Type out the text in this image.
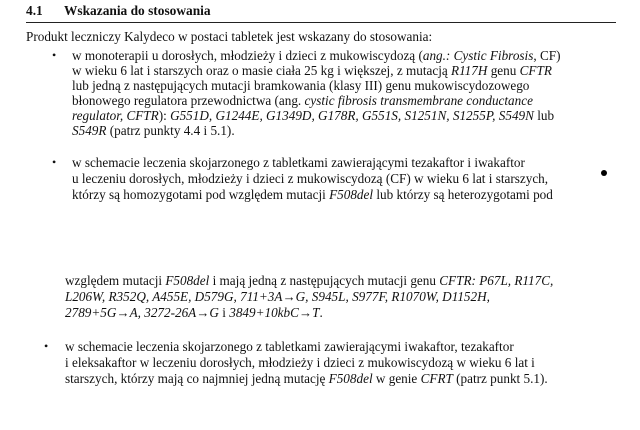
4.1 Wskazania do stosowania
Produkt leczniczy Kalydeco w postaci tabletek jest wskazany do stosowania:
• w monoterapii u dorosłych, młodzieży i dzieci z mukowiscydozą (ang.: Cystic Fibrosis, CF)
w wieku 6 lat i starszych oraz o masie ciała 25 kg i większej, z mutacją R117H genu CFTR
lub jedną z następujących mutacji bramkowania (klasy III) genu mukowiscydozowego
błonowego regulatora przewodnictwa (ang. cystic fibrosis transmembrane conductance
regulator, CFTR): G551D, G1244E, G1349D, G178R, G551S, S1251N, S1255P, S549N lub
S549R (patrz punkty 4.4 i 5.1).
• w schemacie leczenia skojarzonego z tabletkami zawierającymi tezakaftor i iwakaftor
u leczeniu dorosłych, młodzieży i dzieci z mukowiscydozą (CF) w wieku 6 lat i starszych,
którzy są homozygotami pod względem mutacji F508del lub którzy są heterozygotami pod
względem mutacji F508del i mają jedną z następujących mutacji genu CFTR: P67L, R117C,
L206W, R352Q, A455E, D579G, 711+3A→G, S945L, S977F, R1070W, D1152H,
2789+5G→A, 3272-26A→G i 3849+10kbC→T.
• w schemacie leczenia skojarzonego z tabletkami zawierającymi iwakaftor, tezakaftor
i eleksakaftor w leczeniu dorosłych, młodzieży i dzieci z mukowiscydozą w wieku 6 lat i
starszych, którzy mają co najmniej jedną mutację F508del w genie CFRT (patrz punkt 5.1).
